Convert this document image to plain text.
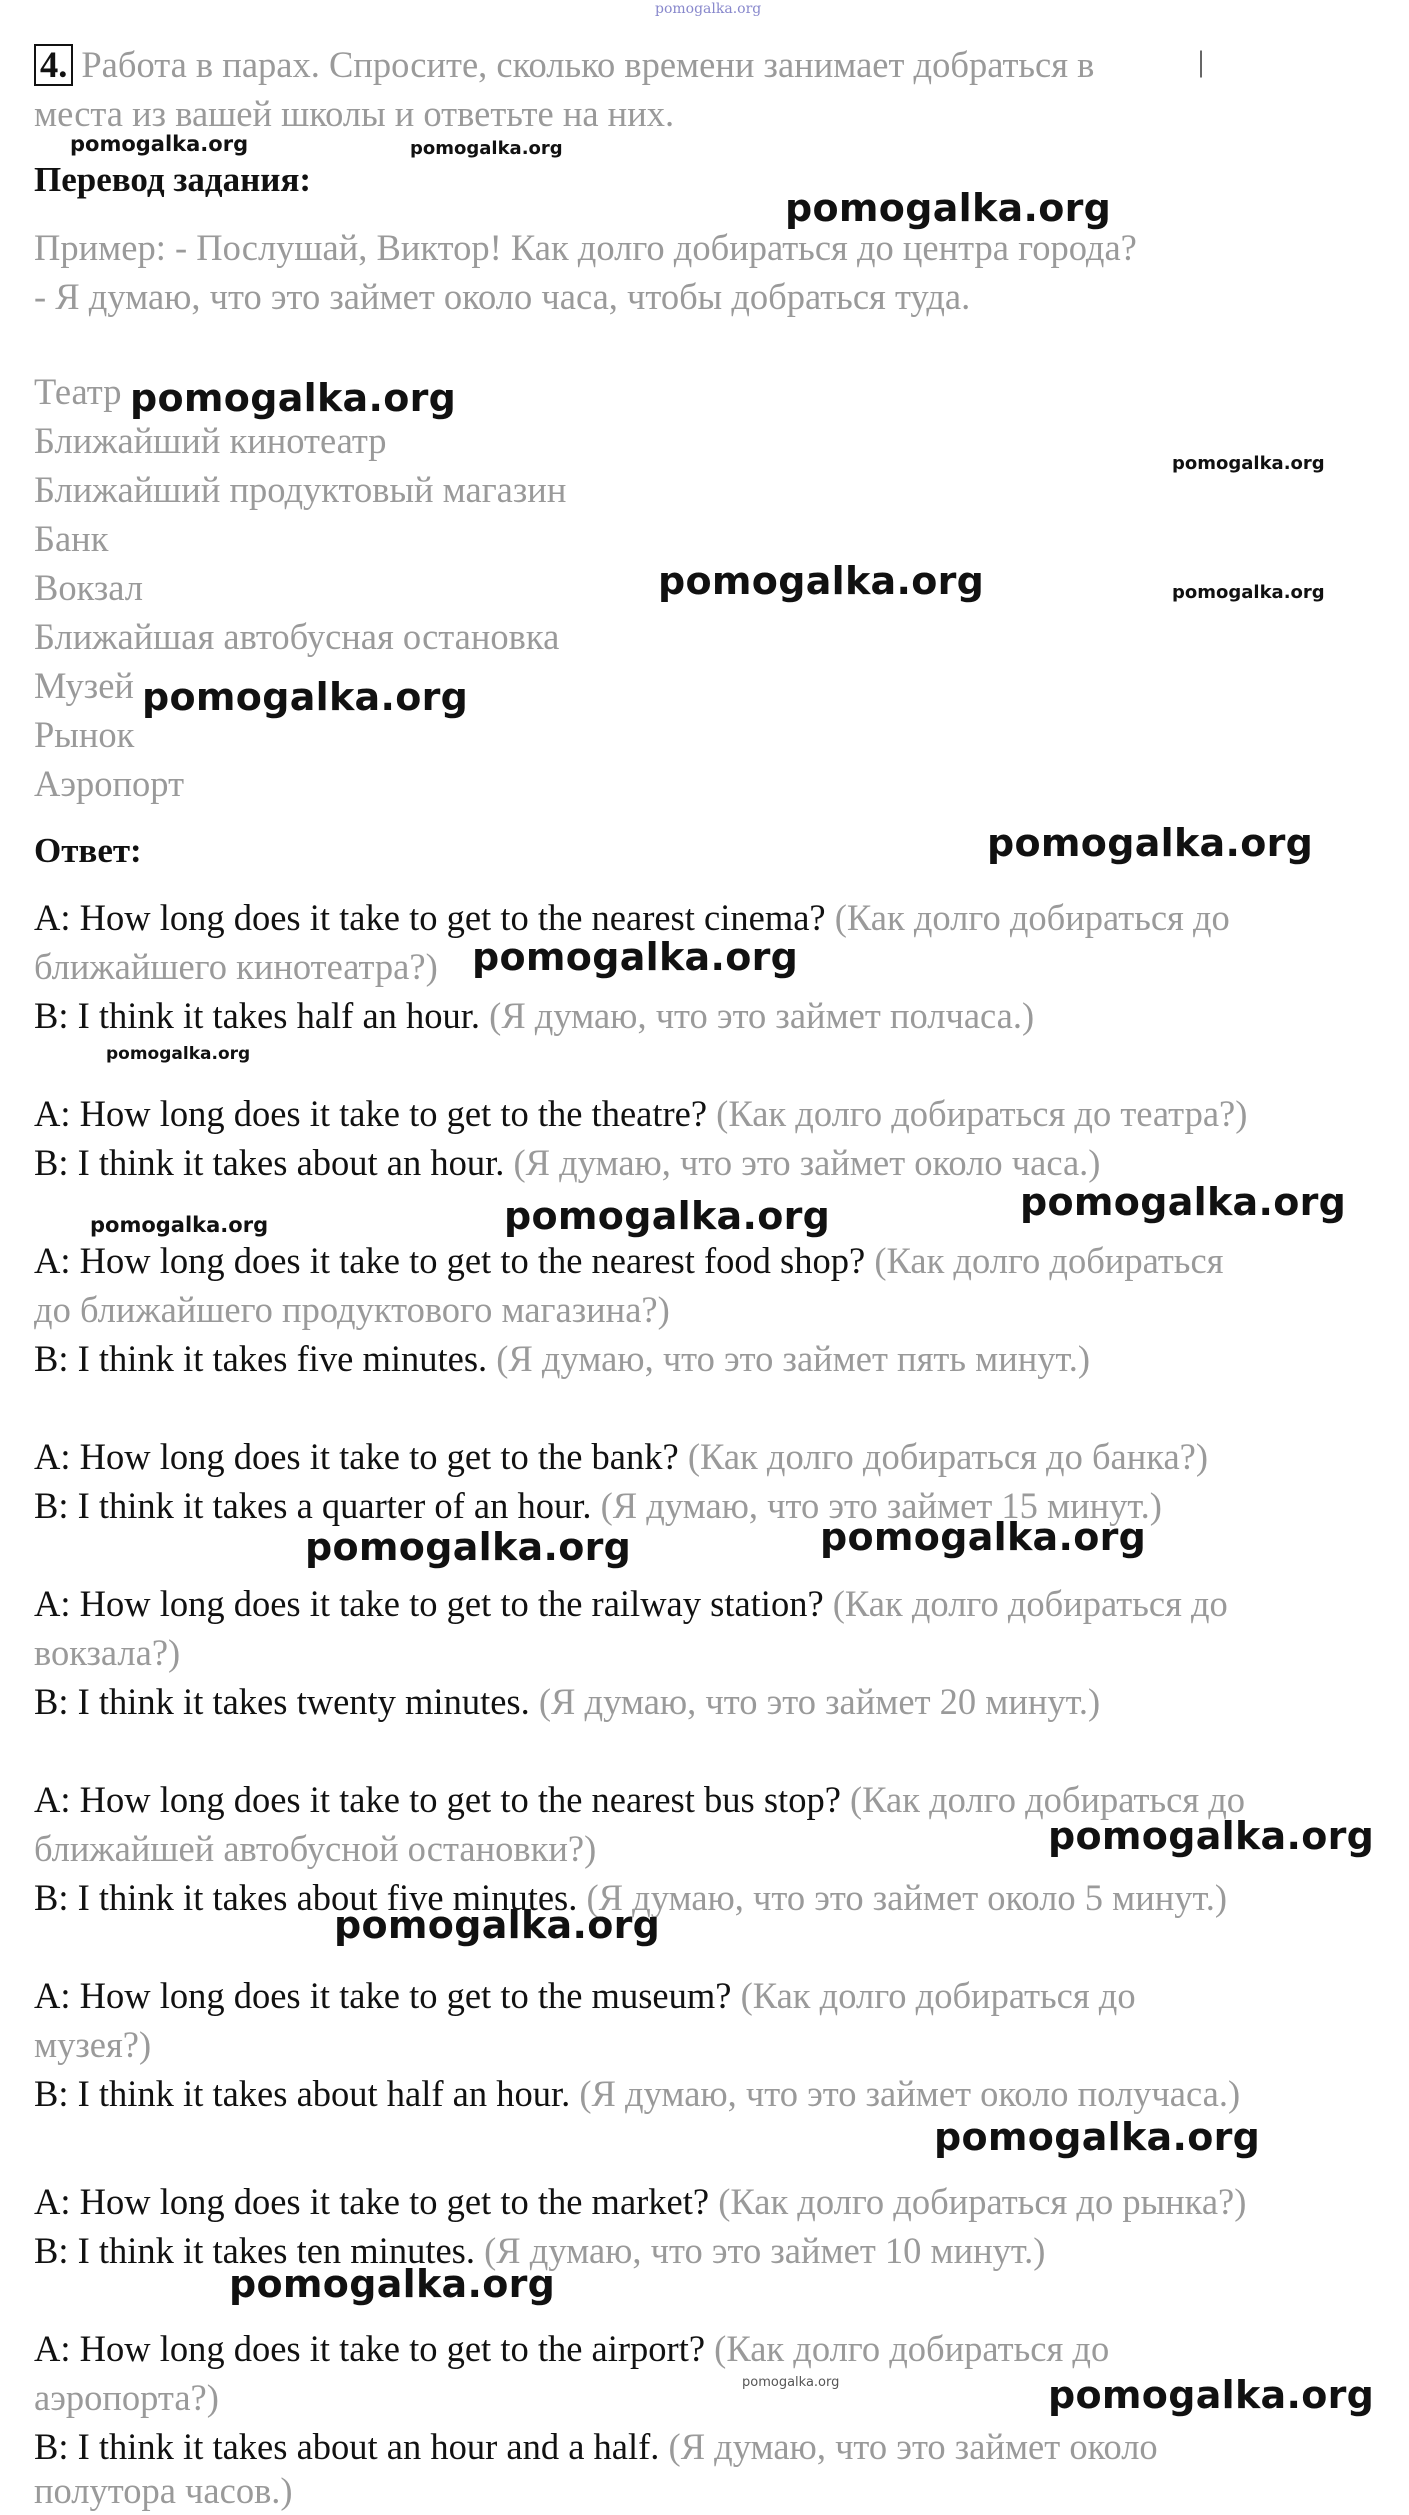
pomogalka.org
4. Работа в парах. Спросите, сколько времени занимает добраться в	|
места из вашей школы и ответьте на них.
Перевод задания:
Пример: - Послушай, Виктор! Как долго добираться до центра города?
- Я думаю, что это займет около часа, чтобы добраться туда.
Театр
Ближайший кинотеатр
Ближайший продуктовый магазин
Банк
Вокзал
Ближайшая автобусная остановка
Музей
Рынок
Аэропорт
Ответ:
A: How long does it take to get to the nearest cinema? (Как долго добираться до
ближайшего кинотеатра?)
B: I think it takes half an hour. (Я думаю, что это займет полчаса.)
A: How long does it take to get to the theatre? (Как долго добираться до театра?)
B: I think it takes about an hour. (Я думаю, что это займет около часа.)
A: How long does it take to get to the nearest food shop? (Как долго добираться
до ближайшего продуктового магазина?)
B: I think it takes five minutes. (Я думаю, что это займет пять минут.)
A: How long does it take to get to the bank? (Как долго добираться до банка?)
B: I think it takes a quarter of an hour. (Я думаю, что это займет 15 минут.)
A: How long does it take to get to the railway station? (Как долго добираться до
вокзала?)
B: I think it takes twenty minutes. (Я думаю, что это займет 20 минут.)
A: How long does it take to get to the nearest bus stop? (Как долго добираться до
ближайшей автобусной остановки?)
B: I think it takes about five minutes. (Я думаю, что это займет около 5 минут.)
A: How long does it take to get to the museum? (Как долго добираться до
музея?)
B: I think it takes about half an hour. (Я думаю, что это займет около получаса.)
A: How long does it take to get to the market? (Как долго добираться до рынка?)
B: I think it takes ten minutes. (Я думаю, что это займет 10 минут.)
A: How long does it take to get to the airport? (Как долго добираться до
аэропорта?)
B: I think it takes about an hour and a half. (Я думаю, что это займет около
полутора часов.)
pomogalka.org	pomogalka.org
pomogalka.org
pomogalka.org
pomogalka.org
pomogalka.org	pomogalka.org
pomogalka.org
pomogalka.org
pomogalka.org
pomogalka.org
pomogalka.org
pomogalka.org	pomogalka.org
pomogalka.org	pomogalka.org
pomogalka.org
pomogalka.org
pomogalka.org
pomogalka.org
pomogalka.org	pomogalka.org
